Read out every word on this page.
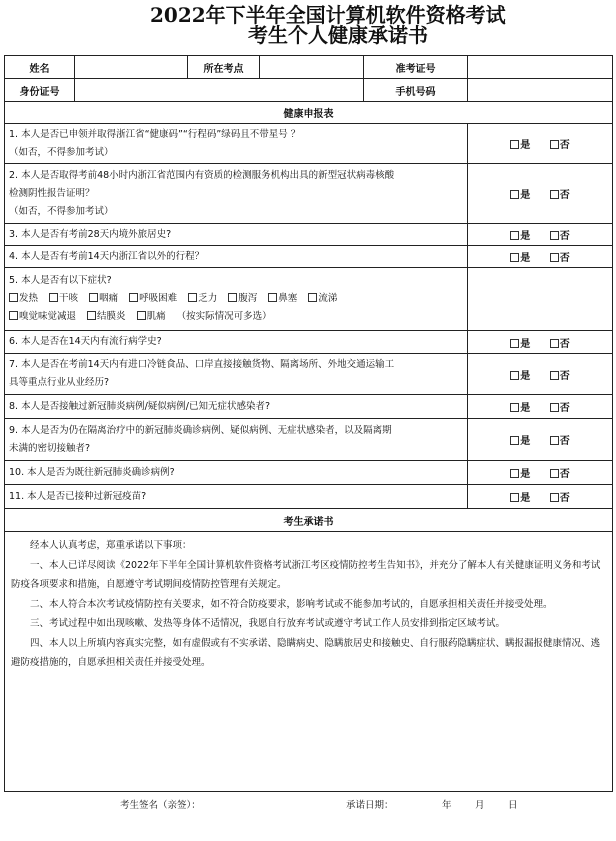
2022年下半年全国计算机软件资格考试
考生个人健康承诺书
姓名		所在考点		准考证号	
身份证号				手机号码	
健康申报表					

1. 本人是否已申领并取得浙江省“健康码”“行程码”绿码且不带星号 ？
（如否，不得参加考试）					是 否

2. 本人是否取得考前48小时内浙江省范围内有资质的检测服务机构出具的新型冠状病毒核酸
检测阴性报告证明？
（如否，不得参加考试）					是 否
3. 本人是否有考前28天内境外旅居史?					是 否
4. 本人是否有考前14天内浙江省以外的行程？					是 否

5. 本人是否有以下症状?
发热 干咳 咽痛 呼吸困难 乏力 腹泻 鼻塞 流涕
嗅觉味觉减退 结膜炎 肌痛 （按实际情况可多选）					

6. 本人是否在14天内有流行病学史?					是 否

7. 本人是否在考前14天内有进口冷链食品、口岸直接接触货物、隔离场所、外地交通运输工
具等重点行业从业经历?					是 否
8. 本人是否接触过新冠肺炎病例/疑似病例/已知无症状感染者?					是 否

9. 本人是否为仍在隔离治疗中的新冠肺炎确诊病例、疑似病例、无症状感染者，以及隔离期
未满的密切接触者?					是 否
10. 本人是否为既往新冠肺炎确诊病例?					是 否
11. 本人是否已接种过新冠疫苗?					是 否
考生承诺书					

经本人认真考虑，郑重承诺以下事项：

一、本人已详尽阅读《2022年下半年全国计算机软件资格考试浙江考区疫情防控考生告知书》，并充分了解本人有关健康证明义务和考试防疫各项要求和措施，自愿遵守考试期间疫情防控管理有关规定。

二、本人符合本次考试疫情防控有关要求，如不符合防疫要求，影响考试或不能参加考试的，自愿承担相关责任并接受处理。

三、考试过程中如出现咳嗽、发热等身体不适情况，我愿自行放弃考试或遵守考试工作人员安排到指定区域考试。

四、本人以上所填内容真实完整，如有虚假或有不实承诺、隐瞒病史、隐瞒旅居史和接触史、自行服药隐瞒症状、瞒报漏报健康情况、逃避防疫措施的，自愿承担相关责任并接受处理。					

考生签名（亲签）：	承诺日期：	年 月 日
